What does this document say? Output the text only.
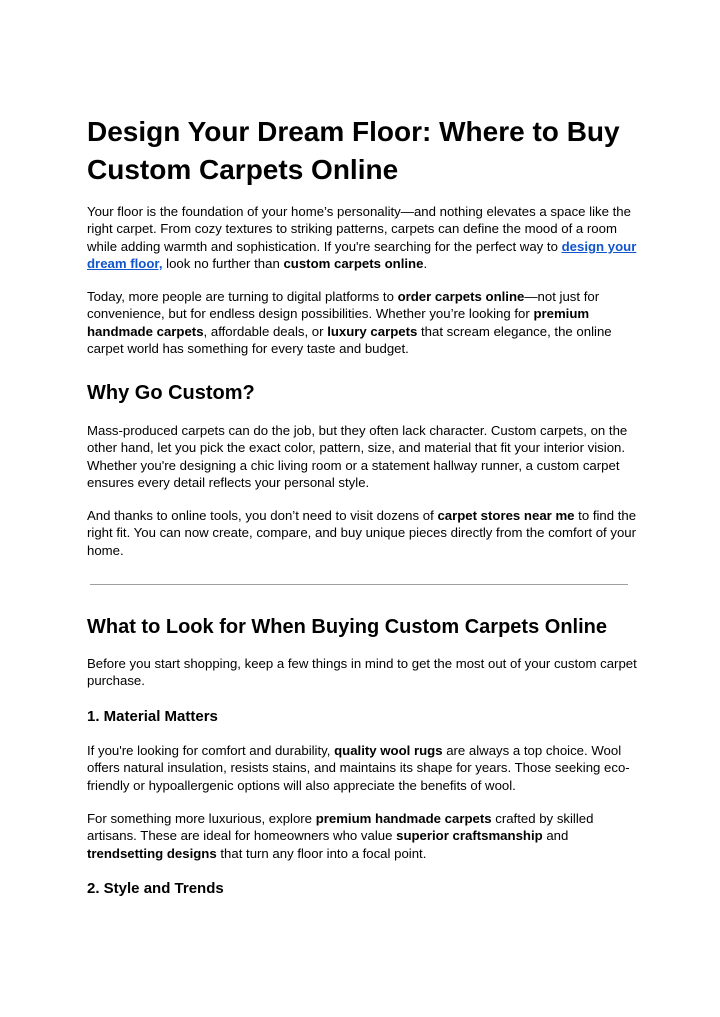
Design Your Dream Floor: Where to Buy Custom Carpets Online

Your floor is the foundation of your home’s personality—and nothing elevates a space like the right carpet. From cozy textures to striking patterns, carpets can define the mood of a room while adding warmth and sophistication. If you're searching for the perfect way to design your dream floor, look no further than custom carpets online.

Today, more people are turning to digital platforms to order carpets online—not just for convenience, but for endless design possibilities. Whether you’re looking for premium handmade carpets, affordable deals, or luxury carpets that scream elegance, the online carpet world has something for every taste and budget.

Why Go Custom?

Mass-produced carpets can do the job, but they often lack character. Custom carpets, on the other hand, let you pick the exact color, pattern, size, and material that fit your interior vision. Whether you're designing a chic living room or a statement hallway runner, a custom carpet ensures every detail reflects your personal style.

And thanks to online tools, you don’t need to visit dozens of carpet stores near me to find the right fit. You can now create, compare, and buy unique pieces directly from the comfort of your home.

What to Look for When Buying Custom Carpets Online

Before you start shopping, keep a few things in mind to get the most out of your custom carpet purchase.

1. Material Matters

If you're looking for comfort and durability, quality wool rugs are always a top choice. Wool offers natural insulation, resists stains, and maintains its shape for years. Those seeking eco-friendly or hypoallergenic options will also appreciate the benefits of wool.

For something more luxurious, explore premium handmade carpets crafted by skilled artisans. These are ideal for homeowners who value superior craftsmanship and trendsetting designs that turn any floor into a focal point.

2. Style and Trends
